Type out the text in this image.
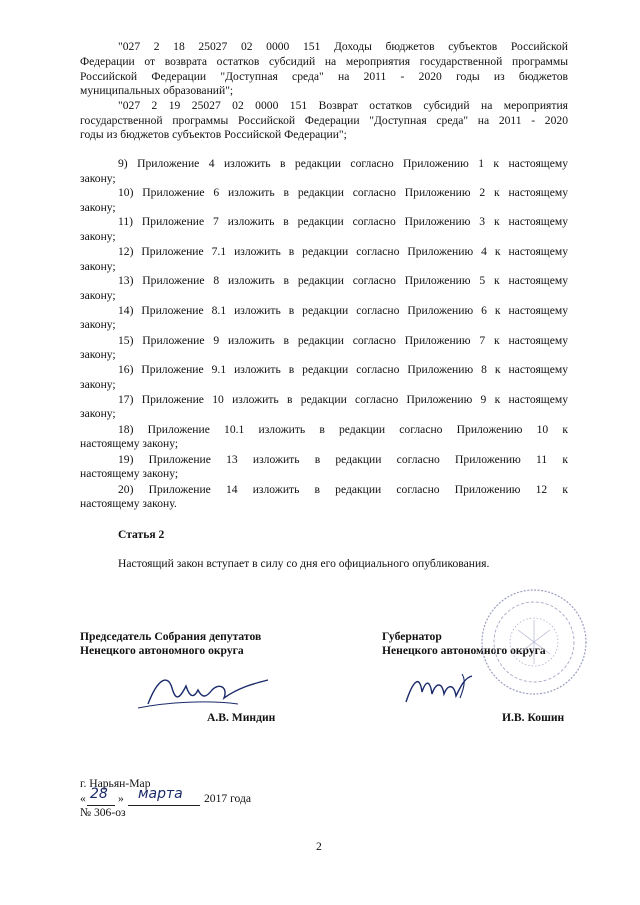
"027 2 18 25027 02 0000 151 Доходы бюджетов субъектов Российской
Федерации от возврата остатков субсидий на мероприятия государственной программы
Российской Федерации "Доступная среда" на 2011 - 2020 годы из бюджетов
муниципальных образований";
"027 2 19 25027 02 0000 151 Возврат остатков субсидий на мероприятия
государственной программы Российской Федерации "Доступная среда" на 2011 - 2020
годы из бюджетов субъектов Российской Федерации";
9) Приложение 4 изложить в редакции согласно Приложению 1 к настоящему
закону;
10) Приложение 6 изложить в редакции согласно Приложению 2 к настоящему
закону;
11) Приложение 7 изложить в редакции согласно Приложению 3 к настоящему
закону;
12) Приложение 7.1 изложить в редакции согласно Приложению 4 к настоящему
закону;
13) Приложение 8 изложить в редакции согласно Приложению 5 к настоящему
закону;
14) Приложение 8.1 изложить в редакции согласно Приложению 6 к настоящему
закону;
15) Приложение 9 изложить в редакции согласно Приложению 7 к настоящему
закону;
16) Приложение 9.1 изложить в редакции согласно Приложению 8 к настоящему
закону;
17) Приложение 10 изложить в редакции согласно Приложению 9 к настоящему
закону;
18) Приложение 10.1 изложить в редакции согласно Приложению 10 к
настоящему закону;
19) Приложение 13 изложить в редакции согласно Приложению 11 к
настоящему закону;
20) Приложение 14 изложить в редакции согласно Приложению 12 к
настоящему закону.
Статья 2
Настоящий закон вступает в силу со дня его официального опубликования.
Председатель Собрания депутатов
Ненецкого автономного округа
Губернатор
Ненецкого автономного округа
А.В. Миндин	И.В. Кошин
г. Нарьян-Мар
« 28 » марта 2017 года
№ 306-оз
2
